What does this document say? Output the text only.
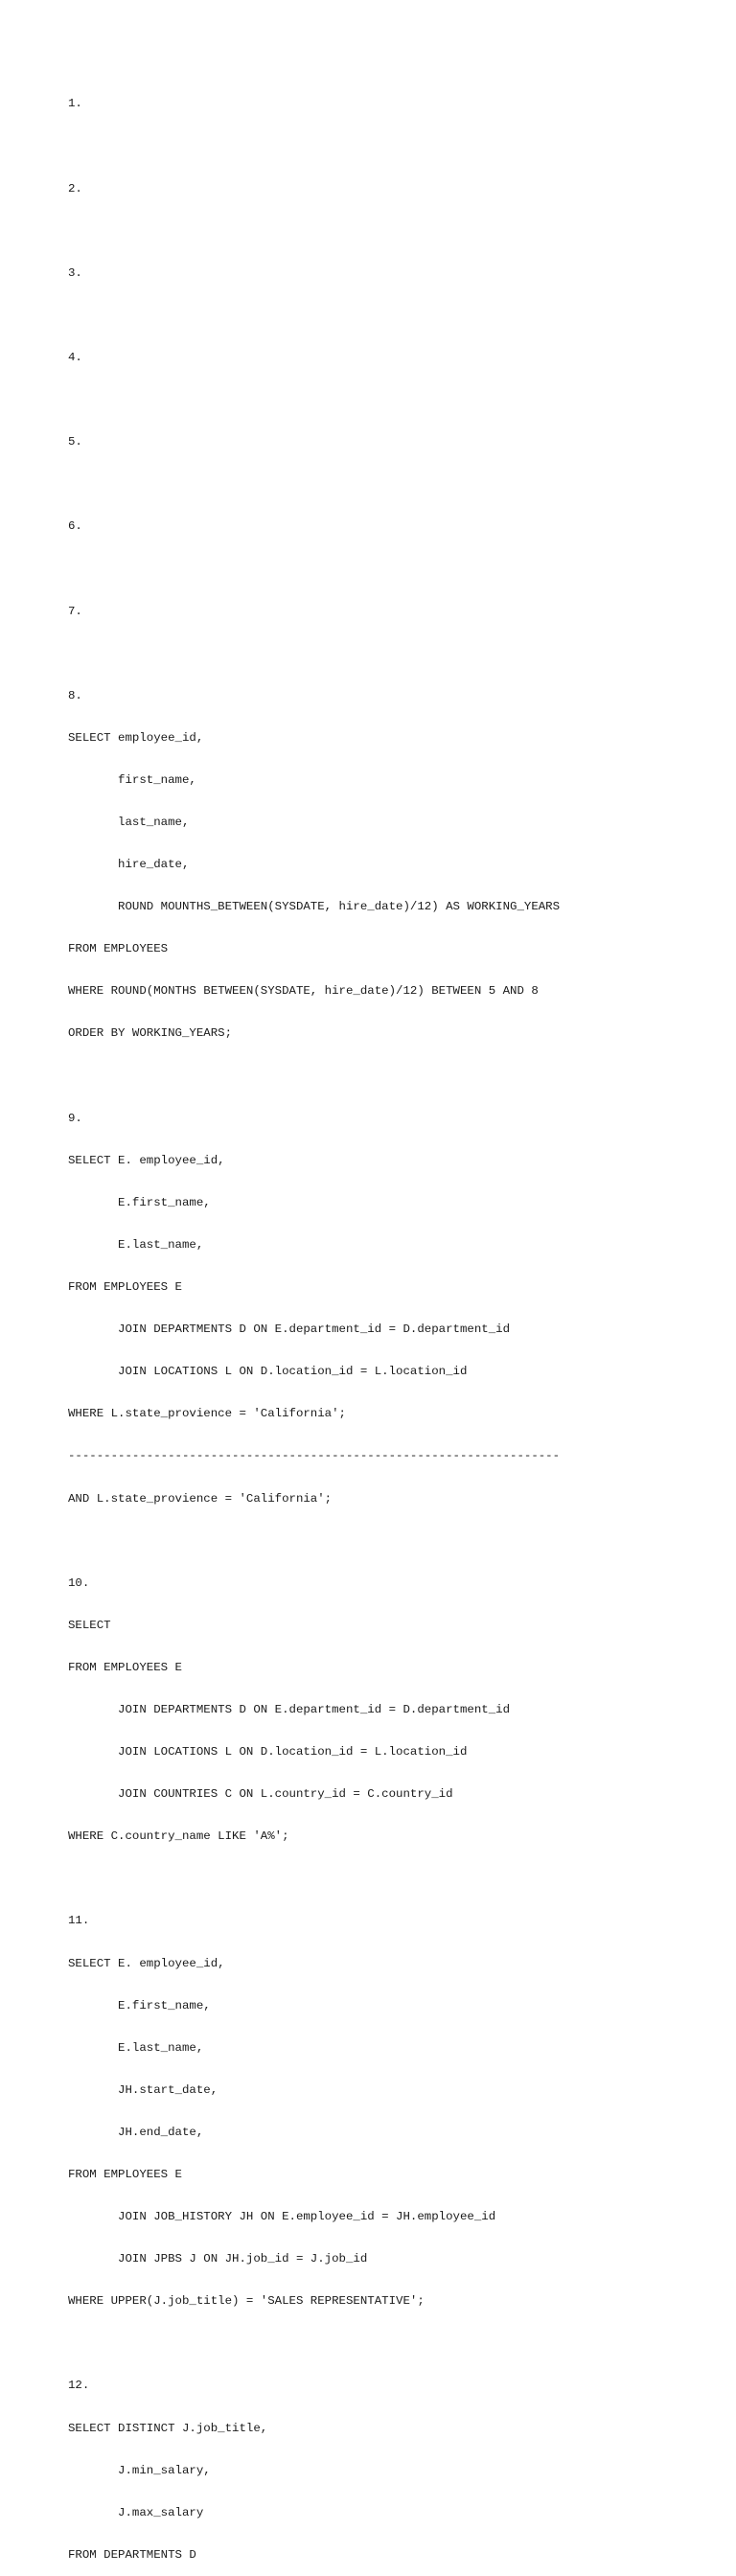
1.

2.

3.

4.

5.

6.

7.

8.

SELECT employee_id,

first_name,

last_name,

hire_date,

ROUND MOUNTHS_BETWEEN(SYSDATE, hire_date)/12) AS WORKING_YEARS

FROM EMPLOYEES

WHERE ROUND(MONTHS BETWEEN(SYSDATE, hire_date)/12) BETWEEN 5 AND 8

ORDER BY WORKING_YEARS;

9.

SELECT E. employee_id,

E.first_name,

E.last_name,

FROM EMPLOYEES E

JOIN DEPARTMENTS D ON E.department_id = D.department_id

JOIN LOCATIONS L ON D.location_id = L.location_id

WHERE L.state_provience = 'California';

---------------------------------------------------------------------

AND L.state_provience = 'California';

10.

SELECT

FROM EMPLOYEES E

JOIN DEPARTMENTS D ON E.department_id = D.department_id

JOIN LOCATIONS L ON D.location_id = L.location_id

JOIN COUNTRIES C ON L.country_id = C.country_id

WHERE C.country_name LIKE 'A%';

11.

SELECT E. employee_id,

E.first_name,

E.last_name,

JH.start_date,

JH.end_date,

FROM EMPLOYEES E

JOIN JOB_HISTORY JH ON E.employee_id = JH.employee_id

JOIN JPBS J ON JH.job_id = J.job_id

WHERE UPPER(J.job_title) = 'SALES REPRESENTATIVE';

12.

SELECT DISTINCT J.job_title,

J.min_salary,

J.max_salary

FROM DEPARTMENTS D
